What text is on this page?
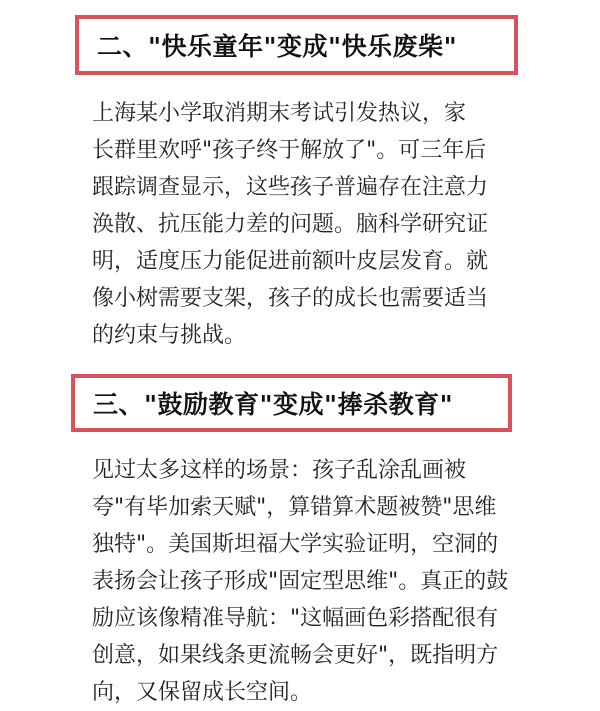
二、"快乐童年"变成"快乐废柴"
上海某小学取消期末考试引发热议，家
长群里欢呼"孩子终于解放了"。可三年后
跟踪调查显示，这些孩子普遍存在注意力
涣散、抗压能力差的问题。脑科学研究证
明，适度压力能促进前额叶皮层发育。就
像小树需要支架，孩子的成长也需要适当
的约束与挑战。
三、"鼓励教育"变成"捧杀教育"
见过太多这样的场景：孩子乱涂乱画被
夸"有毕加索天赋"，算错算术题被赞"思维
独特"。美国斯坦福大学实验证明，空洞的
表扬会让孩子形成"固定型思维"。真正的鼓
励应该像精准导航："这幅画色彩搭配很有
创意，如果线条更流畅会更好"，既指明方
向，又保留成长空间。
